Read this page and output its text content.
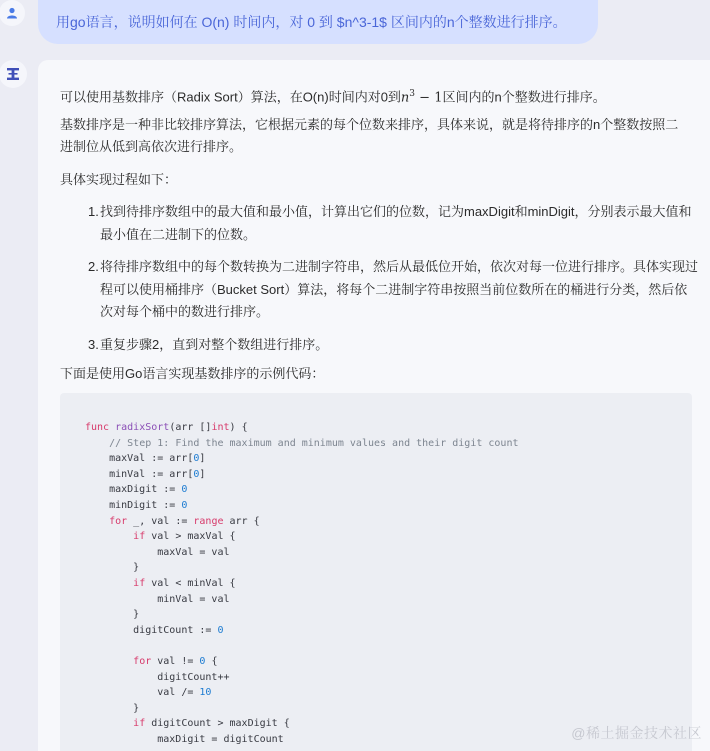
用go语言，说明如何在 O(n) 时间内，对 0 到 $n^3-1$ 区间内的n个整数进行排序。

可以使用基数排序（Radix Sort）算法，在O(n)时间内对0到$n^3 - 1$区间内的n个整数进行排序。

基数排序是一种非比较排序算法，它根据元素的每个位数来排序，具体来说，就是将待排序的n个整数按照二进制位从低到高依次进行排序。

具体实现过程如下：

1. 找到待排序数组中的最大值和最小值，计算出它们的位数，记为maxDigit和minDigit，分别表示最大值和最小值在二进制下的位数。
2. 将待排序数组中的每个数转换为二进制字符串，然后从最低位开始，依次对每一位进行排序。具体实现过程可以使用桶排序（Bucket Sort）算法，将每个二进制字符串按照当前位数所在的桶进行分类，然后依次对每个桶中的数进行排序。
3. 重复步骤2，直到对整个数组进行排序。

下面是使用Go语言实现基数排序的示例代码：

func radixSort(arr []int) {
// Step 1: Find the maximum and minimum values and their digit count
maxVal := arr[0]
minVal := arr[0]
maxDigit := 0
minDigit := 0
for _, val := range arr {
if val > maxVal {
maxVal = val
}
if val < minVal {
minVal = val
}
digitCount := 0

for val != 0 {
digitCount++
val /= 10
}
if digitCount > maxDigit {
maxDigit = digitCount	@稀土掘金技术社区
